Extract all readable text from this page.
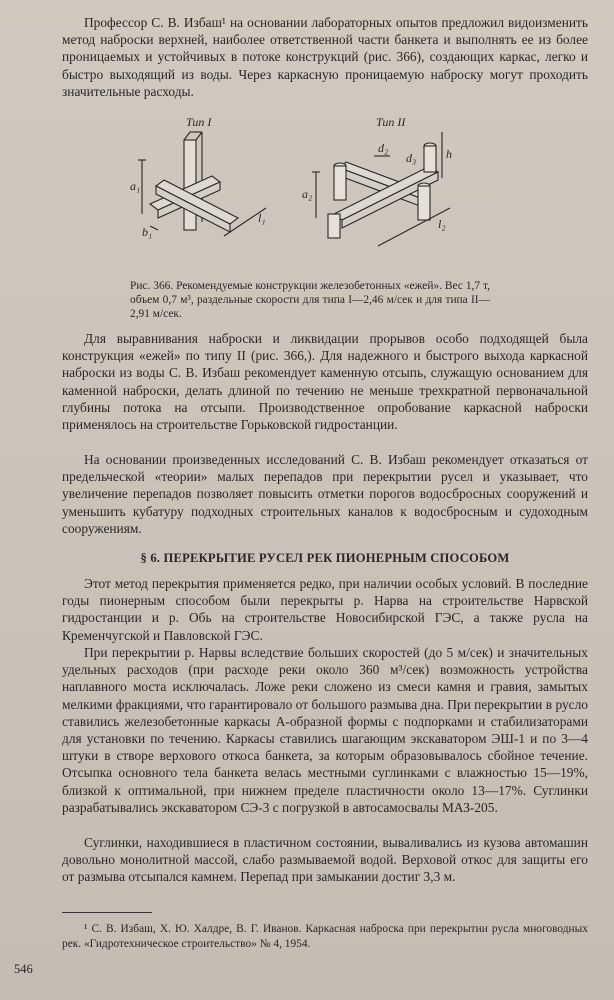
Профессор С. В. Избаш¹ на основании лабораторных опытов предложил видоизменить метод наброски верхней, наиболее ответственной части банкета и выполнять ее из более проницаемых и устойчивых в потоке конструкций (рис. 366), создающих каркас, легко и быстро выходящий из воды. Через каркасную проницаемую наброску могут проходить значительные расходы.

Тип I	Тип II
a₁
b₁
l₁
a₂
d₂
d₃ h
l₂

Рис. 366. Рекомендуемые конструкции железобетонных «ежей». Вес 1,7 т, объем 0,7 м³, раздельные скорости для типа I—2,46 м/сек и для типа II—2,91 м/сек.

Для выравнивания наброски и ликвидации прорывов особо подходящей была конструкция «ежей» по типу II (рис. 366,). Для надежного и быстрого выхода каркасной наброски из воды С. В. Избаш рекомендует каменную отсыпь, служащую основанием для каменной наброски, делать длиной по течению не меньше трехкратной первоначальной глубины потока на отсыпи. Производственное опробование каркасной наброски применялось на строительстве Горьковской гидростанции.

На основании произведенных исследований С. В. Избаш рекомендует отказаться от предельческой «теории» малых перепадов при перекрытии русел и указывает, что увеличение перепадов позволяет повысить отметки порогов водосбросных сооружений и уменьшить кубатуру подходных строительных каналов к водосбросным и судоходным сооружениям.

§ 6. ПЕРЕКРЫТИЕ РУСЕЛ РЕК ПИОНЕРНЫМ СПОСОБОМ

Этот метод перекрытия применяется редко, при наличии особых условий. В последние годы пионерным способом были перекрыты р. Нарва на строительстве Нарвской гидростанции и р. Обь на строительстве Новосибирской ГЭС, а также русла на Кременчугской и Павловской ГЭС.

При перекрытии р. Нарвы вследствие больших скоростей (до 5 м/сек) и значительных удельных расходов (при расходе реки около 360 м³/сек) возможность устройства наплавного моста исключалась. Ложе реки сложено из смеси камня и гравия, замытых мелкими фракциями, что гарантировало от большого размыва дна. При перекрытии в русло ставились железобетонные каркасы А-образной формы с подпорками и стабилизаторами для установки по течению. Каркасы ставились шагающим экскаватором ЭШ-1 и по 3—4 штуки в створе верхового откоса банкета, за которым образовывалось сбойное течение. Отсыпка основного тела банкета велась местными суглинками с влажностью 15—19%, близкой к оптимальной, при нижнем пределе пластичности около 13—17%. Суглинки разрабатывались экскаватором СЭ-3 с погрузкой в автосамосвалы МАЗ-205.

Суглинки, находившиеся в пластичном состоянии, вываливались из кузова автомашин довольно монолитной массой, слабо размываемой водой. Верховой откос для защиты его от размыва отсыпался камнем. Перепад при замыкании достиг 3,3 м.

¹ С. В. Избаш, Х. Ю. Халдре, В. Г. Иванов. Каркасная наброска при перекрытии русла многоводных рек. «Гидротехническое строительство» № 4, 1954.

546
